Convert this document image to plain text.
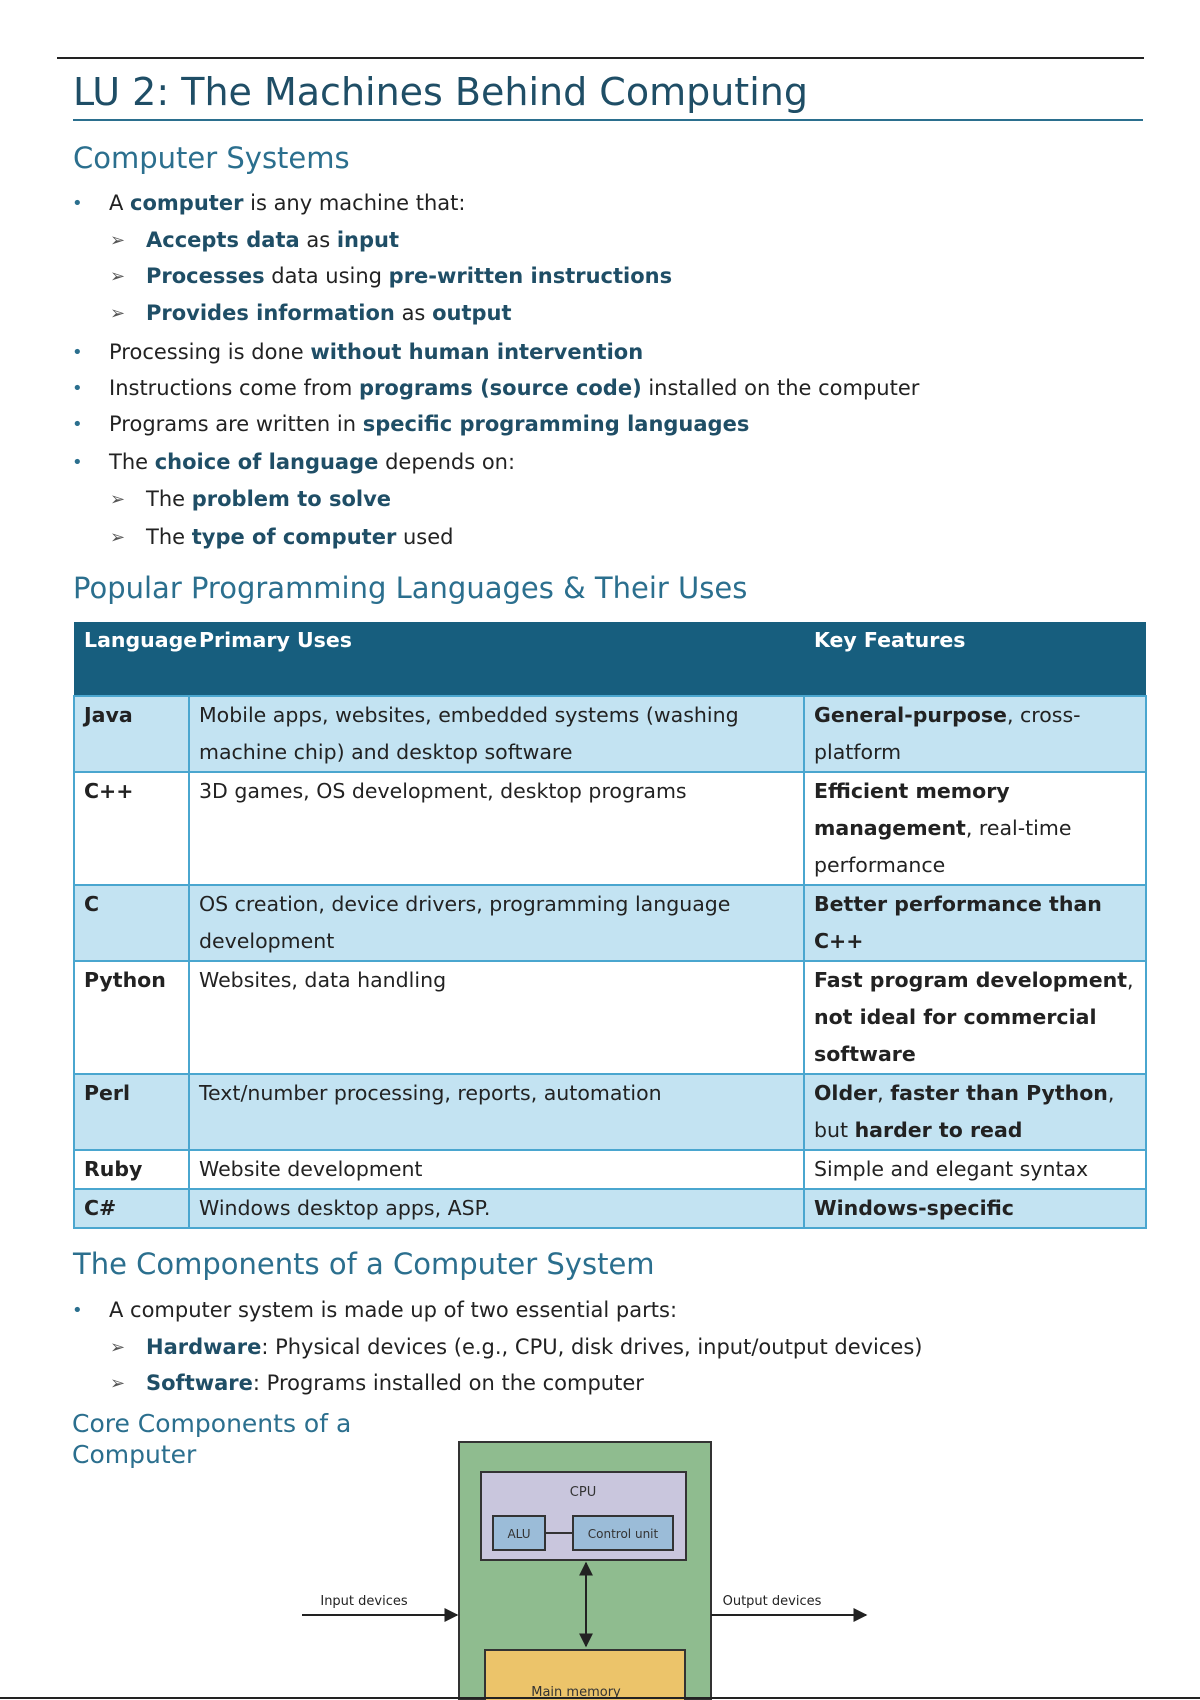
LU 2: The Machines Behind Computing
Computer Systems
• A computer is any machine that:
➢ Accepts data as input
➢ Processes data using pre-written instructions
➢ Provides information as output
• Processing is done without human intervention
• Instructions come from programs (source code) installed on the computer
• Programs are written in specific programming languages
• The choice of language depends on:
➢ The problem to solve
➢ The type of computer used
Popular Programming Languages & Their Uses
Language	Primary Uses	Key Features
Java	Mobile apps, websites, embedded systems (washing machine chip) and desktop software	General-purpose, cross-platform
C++	3D games, OS development, desktop programs	Efficient memory management, real-time performance
C	OS creation, device drivers, programming language development	Better performance than C++
Python	Websites, data handling	Fast program development, not ideal for commercial software
Perl	Text/number processing, reports, automation	Older, faster than Python, but harder to read
Ruby	Website development	Simple and elegant syntax
C#	Windows desktop apps, ASP.	Windows-specific
The Components of a Computer System
• A computer system is made up of two essential parts:
➢ Hardware: Physical devices (e.g., CPU, disk drives, input/output devices)
➢ Software: Programs installed on the computer
Core Components of a Computer
CPU
ALU	Control unit
Input devices	Output devices
Main memory
